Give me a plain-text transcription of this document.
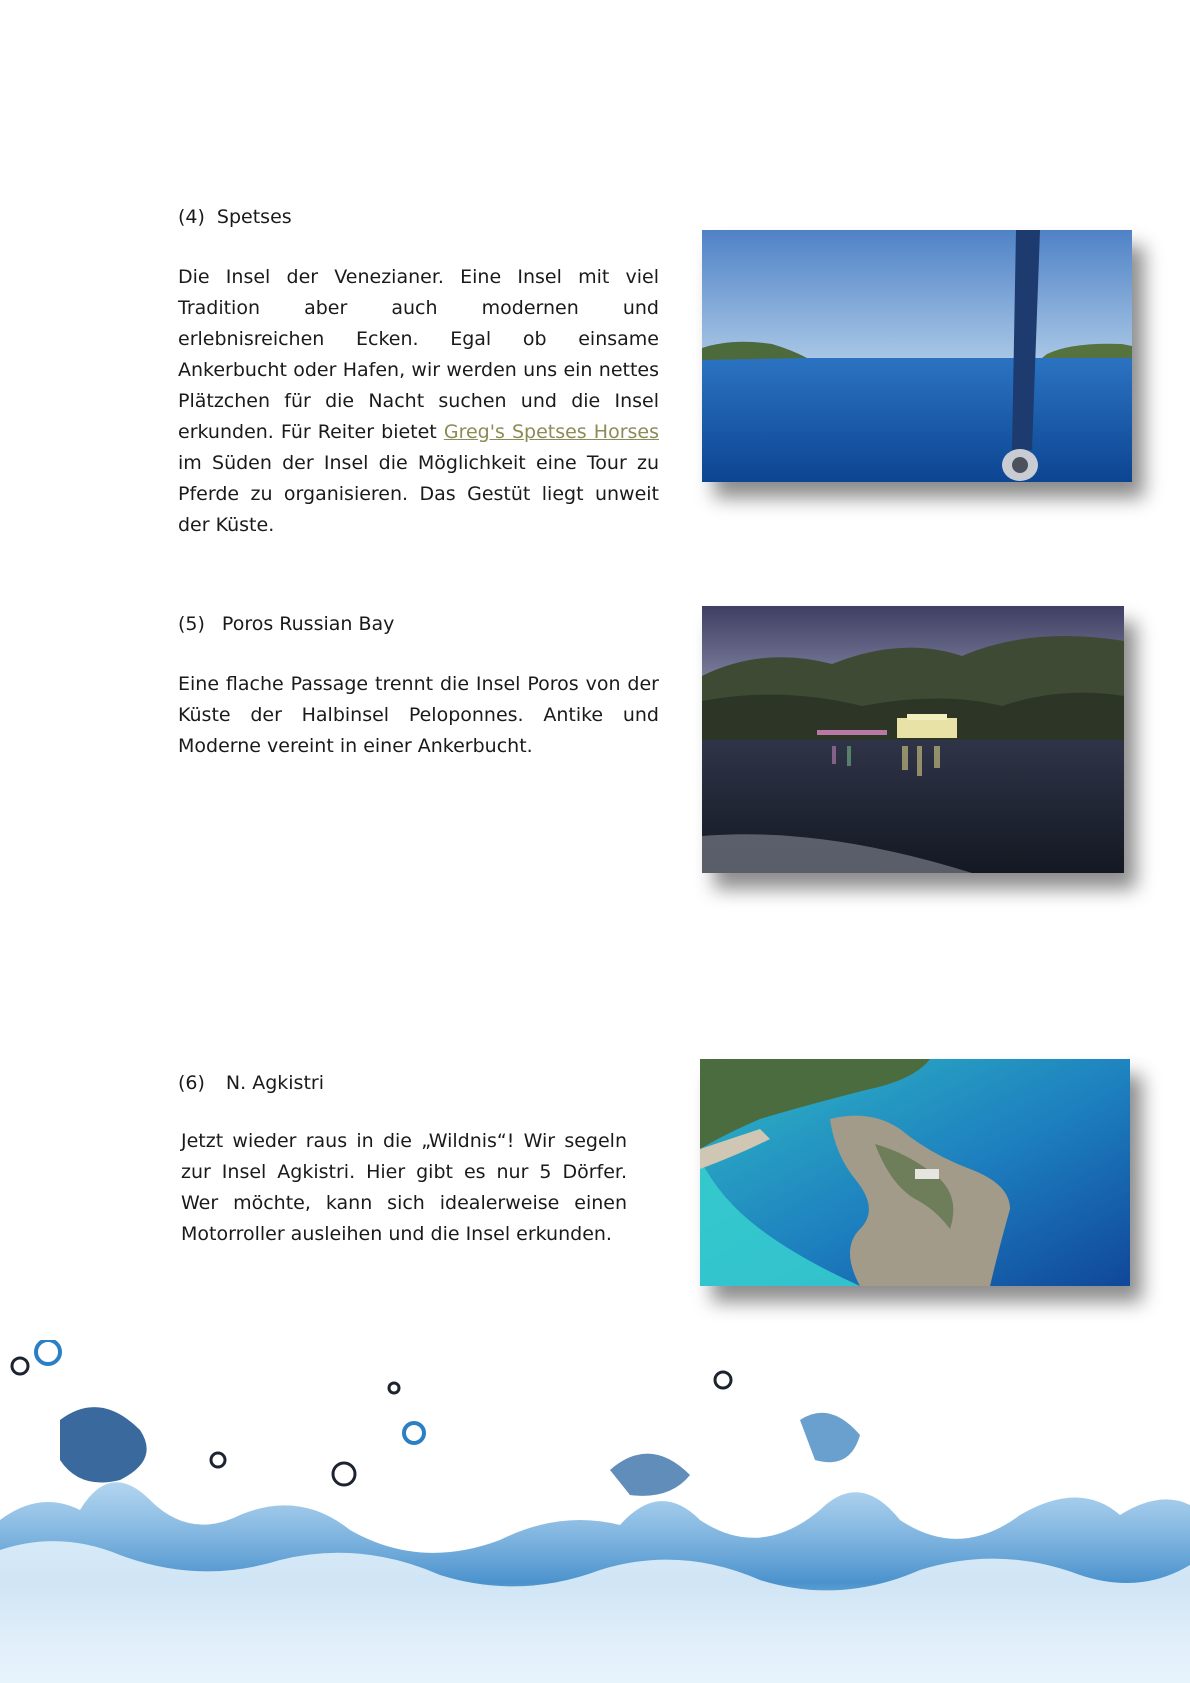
(4) Spetses
Die Insel der Venezianer. Eine Insel mit viel Tradition aber auch modernen und erlebnisreichen Ecken. Egal ob einsame Ankerbucht oder Hafen, wir werden uns ein nettes Plätzchen für die Nacht suchen und die Insel erkunden. Für Reiter bietet Greg's Spetses Horses im Süden der Insel die Möglichkeit eine Tour zu Pferde zu organisieren. Das Gestüt liegt unweit der Küste.
(5) Poros Russian Bay
Eine flache Passage trennt die Insel Poros von der Küste der Halbinsel Peloponnes. Antike und Moderne vereint in einer Ankerbucht.
(6) N. Agkistri
Jetzt wieder raus in die „Wildnis“! Wir segeln zur Insel Agkistri. Hier gibt es nur 5 Dörfer. Wer möchte, kann sich idealerweise einen Motorroller ausleihen und die Insel erkunden.
